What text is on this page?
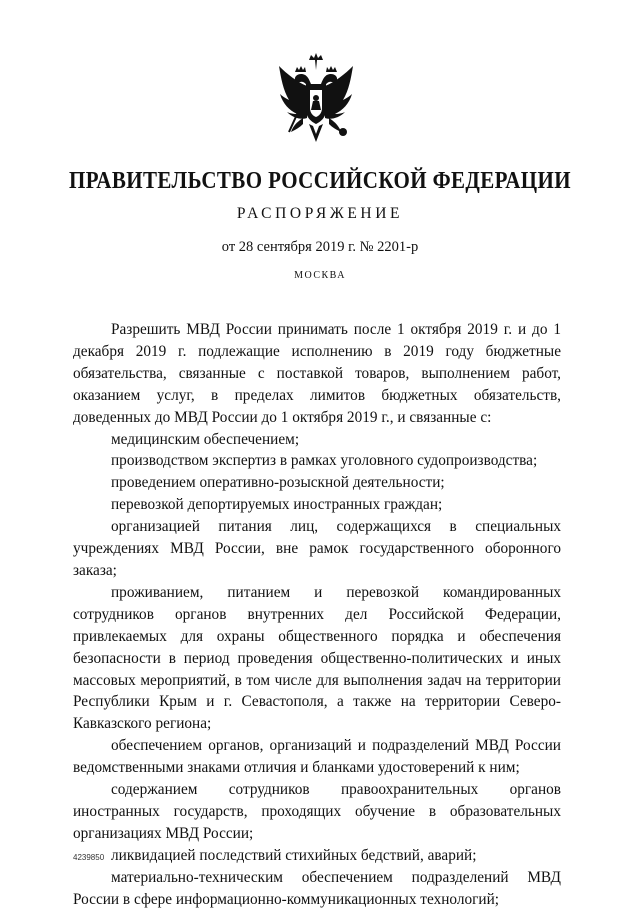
ПРАВИТЕЛЬСТВО РОССИЙСКОЙ ФЕДЕРАЦИИ
РАСПОРЯЖЕНИЕ
от 28 сентября 2019 г. № 2201-р
МОСКВА

Разрешить МВД России принимать после 1 октября 2019 г. и до 1 декабря 2019 г. подлежащие исполнению в 2019 году бюджетные обязательства, связанные с поставкой товаров, выполнением работ, оказанием услуг, в пределах лимитов бюджетных обязательств, доведенных до МВД России до 1 октября 2019 г., и связанные с:

медицинским обеспечением;

производством экспертиз в рамках уголовного судопроизводства;

проведением оперативно-розыскной деятельности;

перевозкой депортируемых иностранных граждан;

организацией питания лиц, содержащихся в специальных учреждениях МВД России, вне рамок государственного оборонного заказа;

проживанием, питанием и перевозкой командированных сотрудников органов внутренних дел Российской Федерации, привлекаемых для охраны общественного порядка и обеспечения безопасности в период проведения общественно-политических и иных массовых мероприятий, в том числе для выполнения задач на территории Республики Крым и г. Севастополя, а также на территории Северо-Кавказского региона;

обеспечением органов, организаций и подразделений МВД России ведомственными знаками отличия и бланками удостоверений к ним;

содержанием сотрудников правоохранительных органов иностранных государств, проходящих обучение в образовательных организациях МВД России;

ликвидацией последствий стихийных бедствий, аварий;

материально-техническим обеспечением подразделений МВД России в сфере информационно-коммуникационных технологий;

4239850
